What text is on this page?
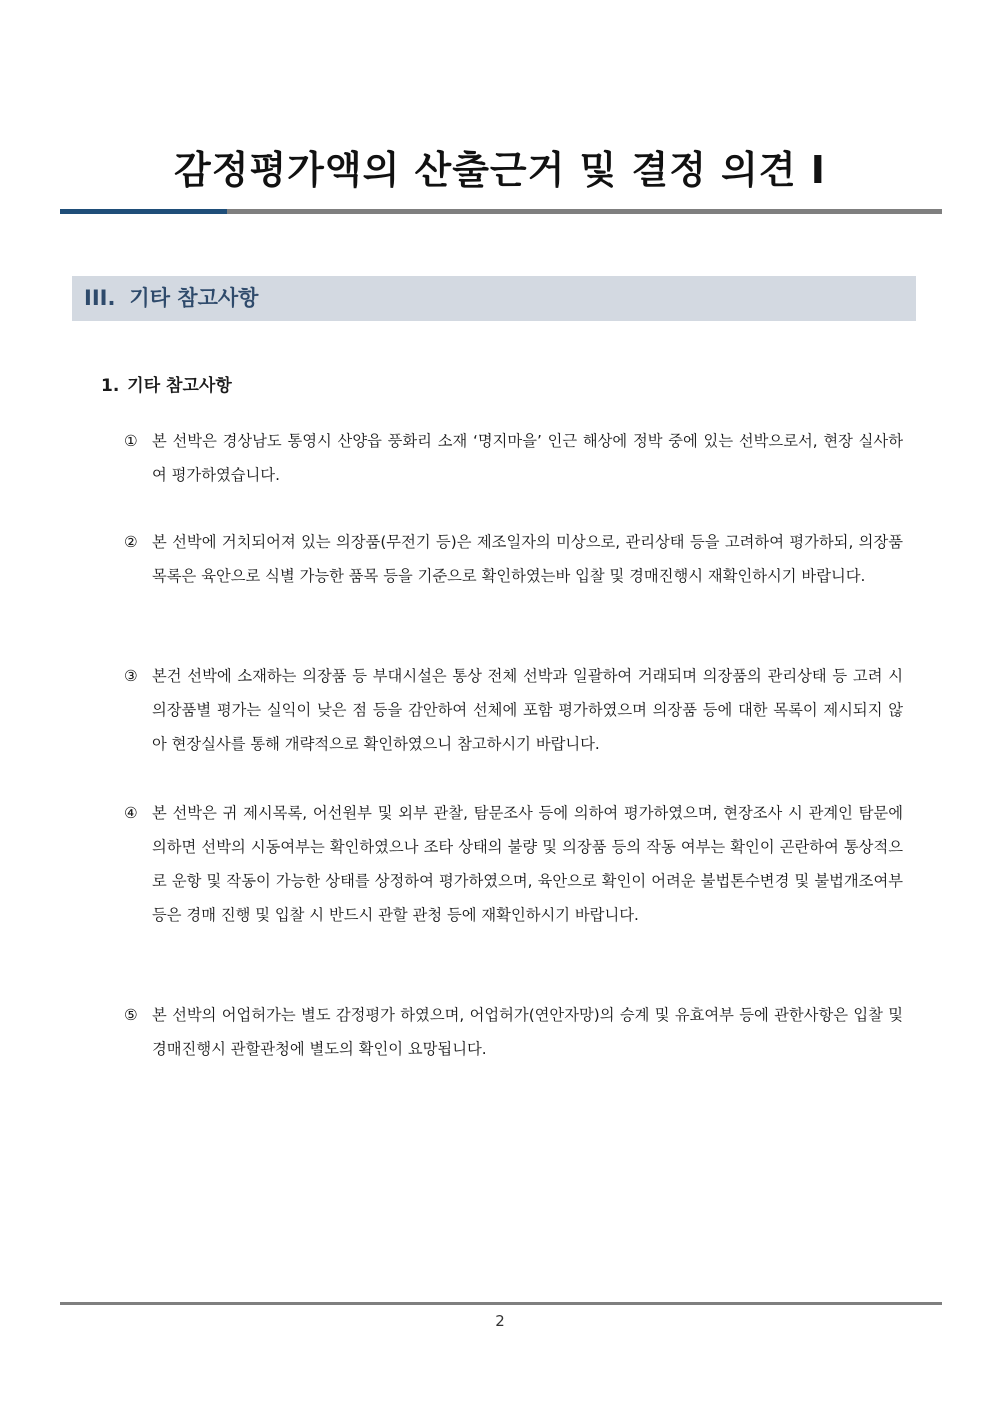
감정평가액의 산출근거 및 결정 의견 I
III. 기타 참고사항
1. 기타 참고사항
① 본 선박은 경상남도 통영시 산양읍 풍화리 소재 ‘명지마을’ 인근 해상에 정박 중에 있는 선박으로서, 현장 실사하여 평가하였습니다.
② 본 선박에 거치되어져 있는 의장품(무전기 등)은 제조일자의 미상으로, 관리상태 등을 고려하여 평가하되, 의장품 목록은 육안으로 식별 가능한 품목 등을 기준으로 확인하였는바 입찰 및 경매진행시 재확인하시기 바랍니다.
③ 본건 선박에 소재하는 의장품 등 부대시설은 통상 전체 선박과 일괄하여 거래되며 의장품의 관리상태 등 고려 시 의장품별 평가는 실익이 낮은 점 등을 감안하여 선체에 포함 평가하였으며 의장품 등에 대한 목록이 제시되지 않아 현장실사를 통해 개략적으로 확인하였으니 참고하시기 바랍니다.
④ 본 선박은 귀 제시목록, 어선원부 및 외부 관찰, 탐문조사 등에 의하여 평가하였으며, 현장조사 시 관계인 탐문에 의하면 선박의 시동여부는 확인하였으나 조타 상태의 불량 및 의장품 등의 작동 여부는 확인이 곤란하여 통상적으로 운항 및 작동이 가능한 상태를 상정하여 평가하였으며, 육안으로 확인이 어려운 불법톤수변경 및 불법개조여부 등은 경매 진행 및 입찰 시 반드시 관할 관청 등에 재확인하시기 바랍니다.
⑤ 본 선박의 어업허가는 별도 감정평가 하였으며, 어업허가(연안자망)의 승계 및 유효여부 등에 관한사항은 입찰 및 경매진행시 관할관청에 별도의 확인이 요망됩니다.
2
